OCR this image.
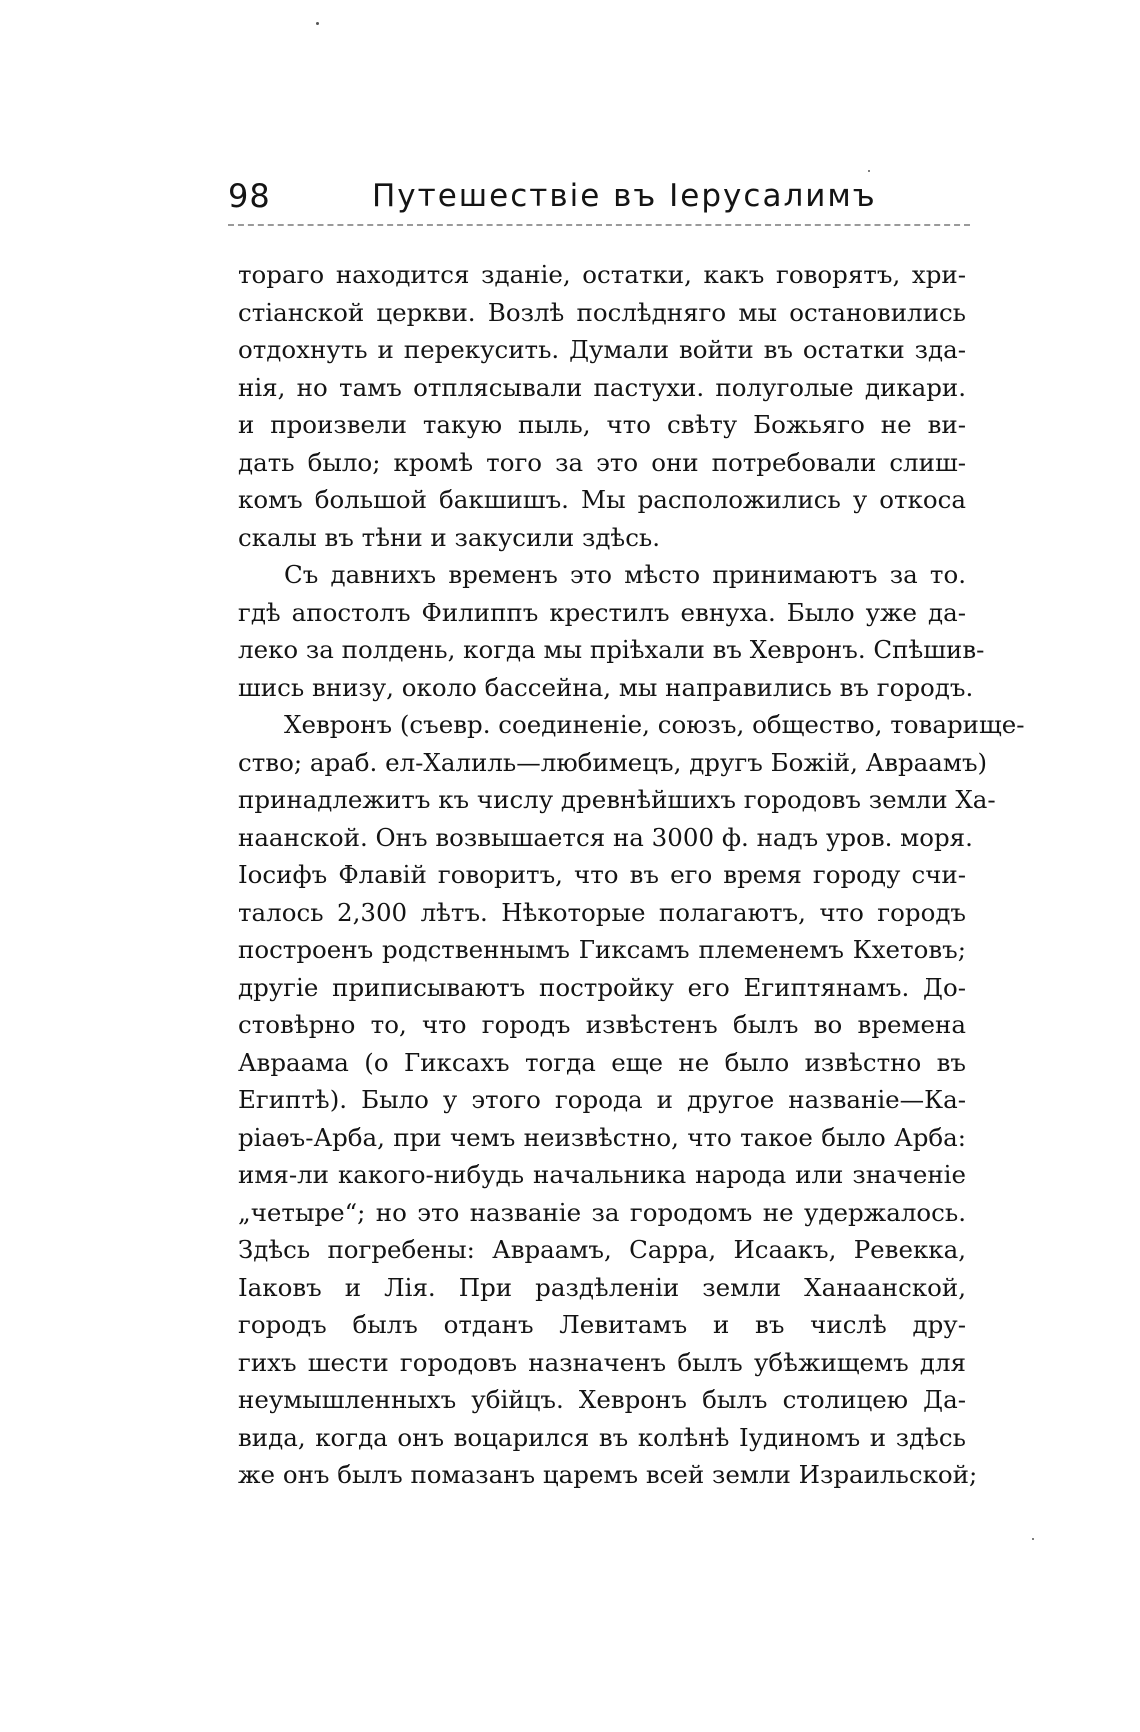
98	Путешествіе въ Іерусалимъ
тораго находится зданіе, остатки, какъ говорятъ, хри-
стіанской церкви. Возлѣ послѣдняго мы остановились
отдохнуть и перекусить. Думали войти въ остатки зда-
нія, но тамъ отплясывали пастухи. полуголые дикари.
и произвели такую пыль, что свѣту Божьяго не ви-
дать было; кромѣ того за это они потребовали слиш-
комъ большой бакшишъ. Мы расположились у откоса
скалы въ тѣни и закусили здѣсь.
Съ давнихъ временъ это мѣсто принимаютъ за то.
гдѣ апостолъ Филиппъ крестилъ евнуха. Было уже да-
леко за полдень, когда мы пріѣхали въ Хевронъ. Спѣшив-
шись внизу, около бассейна, мы направились въ городъ.
Хевронъ (съевр. соединеніе, союзъ, общество, товарище-
ство; араб. ел-Халиль—любимецъ, другъ Божій, Авраамъ)
принадлежитъ къ числу древнѣйшихъ городовъ земли Ха-
наанской. Онъ возвышается на 3000 ф. надъ уров. моря.
Іосифъ Флавій говоритъ, что въ его время городу счи-
талось 2,300 лѣтъ. Нѣкоторые полагаютъ, что городъ
построенъ родственнымъ Гиксамъ племенемъ Кхетовъ;
другіе приписываютъ постройку его Египтянамъ. До-
стовѣрно то, что городъ извѣстенъ былъ во времена
Авраама (о Гиксахъ тогда еще не было извѣстно въ
Египтѣ). Было у этого города и другое названіе—Ка-
ріаѳъ-Арба, при чемъ неизвѣстно, что такое было Арба:
имя-ли какого-нибудь начальника народа или значеніе
„четыре“; но это названіе за городомъ не удержалось.
Здѣсь погребены: Авраамъ, Сарра, Исаакъ, Ревекка,
Іаковъ и Лія. При раздѣленіи земли Ханаанской,
городъ былъ отданъ Левитамъ и въ числѣ дру-
гихъ шести городовъ назначенъ былъ убѣжищемъ для
неумышленныхъ убійцъ. Хевронъ былъ столицею Да-
вида, когда онъ воцарился въ колѣнѣ Іудиномъ и здѣсь
же онъ былъ помазанъ царемъ всей земли Израильской;
